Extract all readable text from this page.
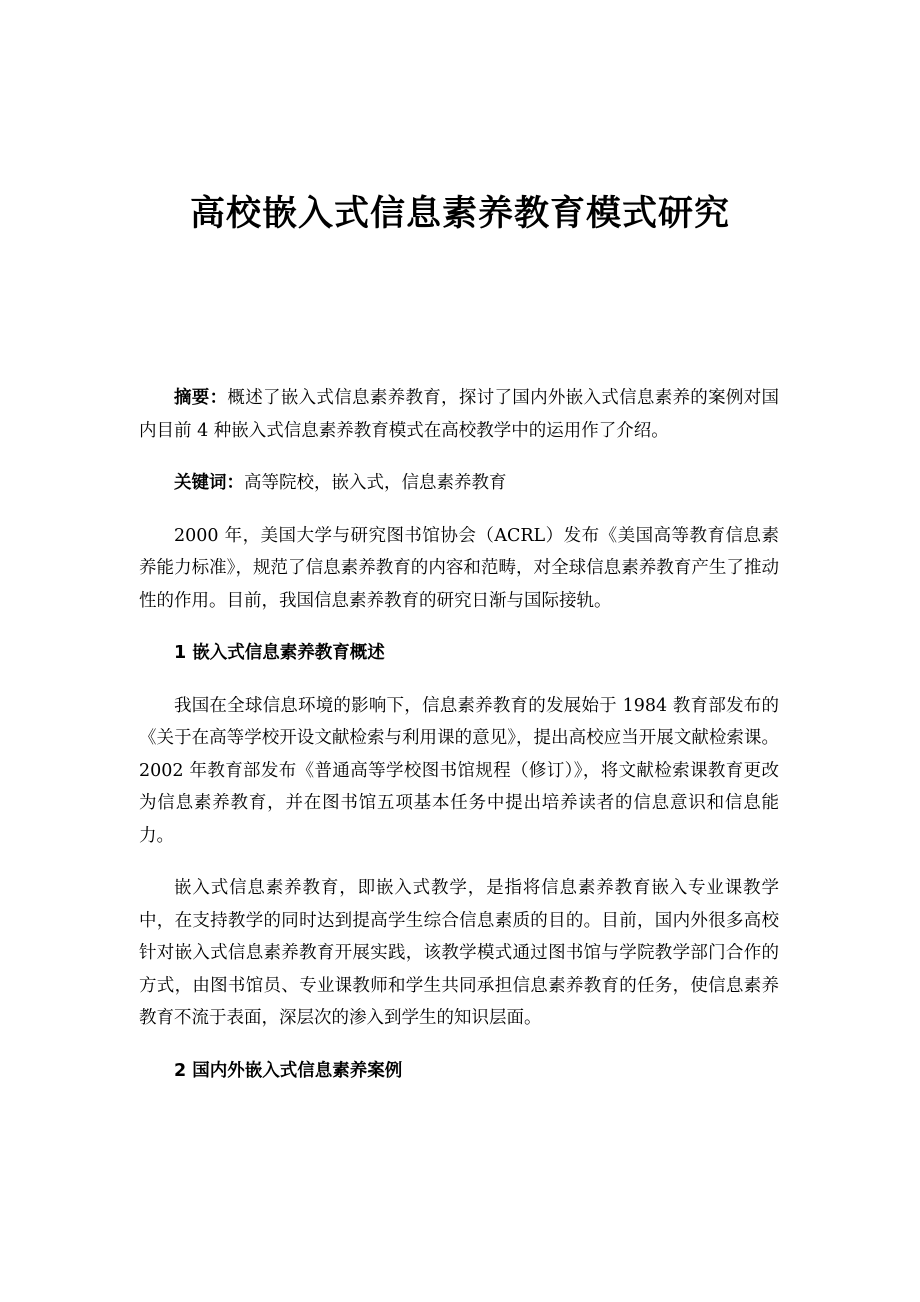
高校嵌入式信息素养教育模式研究

摘要：概述了嵌入式信息素养教育，探讨了国内外嵌入式信息素养的案例对国内目前 4 种嵌入式信息素养教育模式在高校教学中的运用作了介绍。

关键词：高等院校，嵌入式，信息素养教育

2000 年，美国大学与研究图书馆协会（ACRL）发布《美国高等教育信息素养能力标准》，规范了信息素养教育的内容和范畴，对全球信息素养教育产生了推动性的作用。目前，我国信息素养教育的研究日渐与国际接轨。

1 嵌入式信息素养教育概述

我国在全球信息环境的影响下，信息素养教育的发展始于 1984 教育部发布的《关于在高等学校开设文献检索与利用课的意见》，提出高校应当开展文献检索课。2002 年教育部发布《普通高等学校图书馆规程（修订）》，将文献检索课教育更改为信息素养教育，并在图书馆五项基本任务中提出培养读者的信息意识和信息能力。

嵌入式信息素养教育，即嵌入式教学，是指将信息素养教育嵌入专业课教学中，在支持教学的同时达到提高学生综合信息素质的目的。目前，国内外很多高校针对嵌入式信息素养教育开展实践，该教学模式通过图书馆与学院教学部门合作的方式，由图书馆员、专业课教师和学生共同承担信息素养教育的任务，使信息素养教育不流于表面，深层次的渗入到学生的知识层面。

2 国内外嵌入式信息素养案例
